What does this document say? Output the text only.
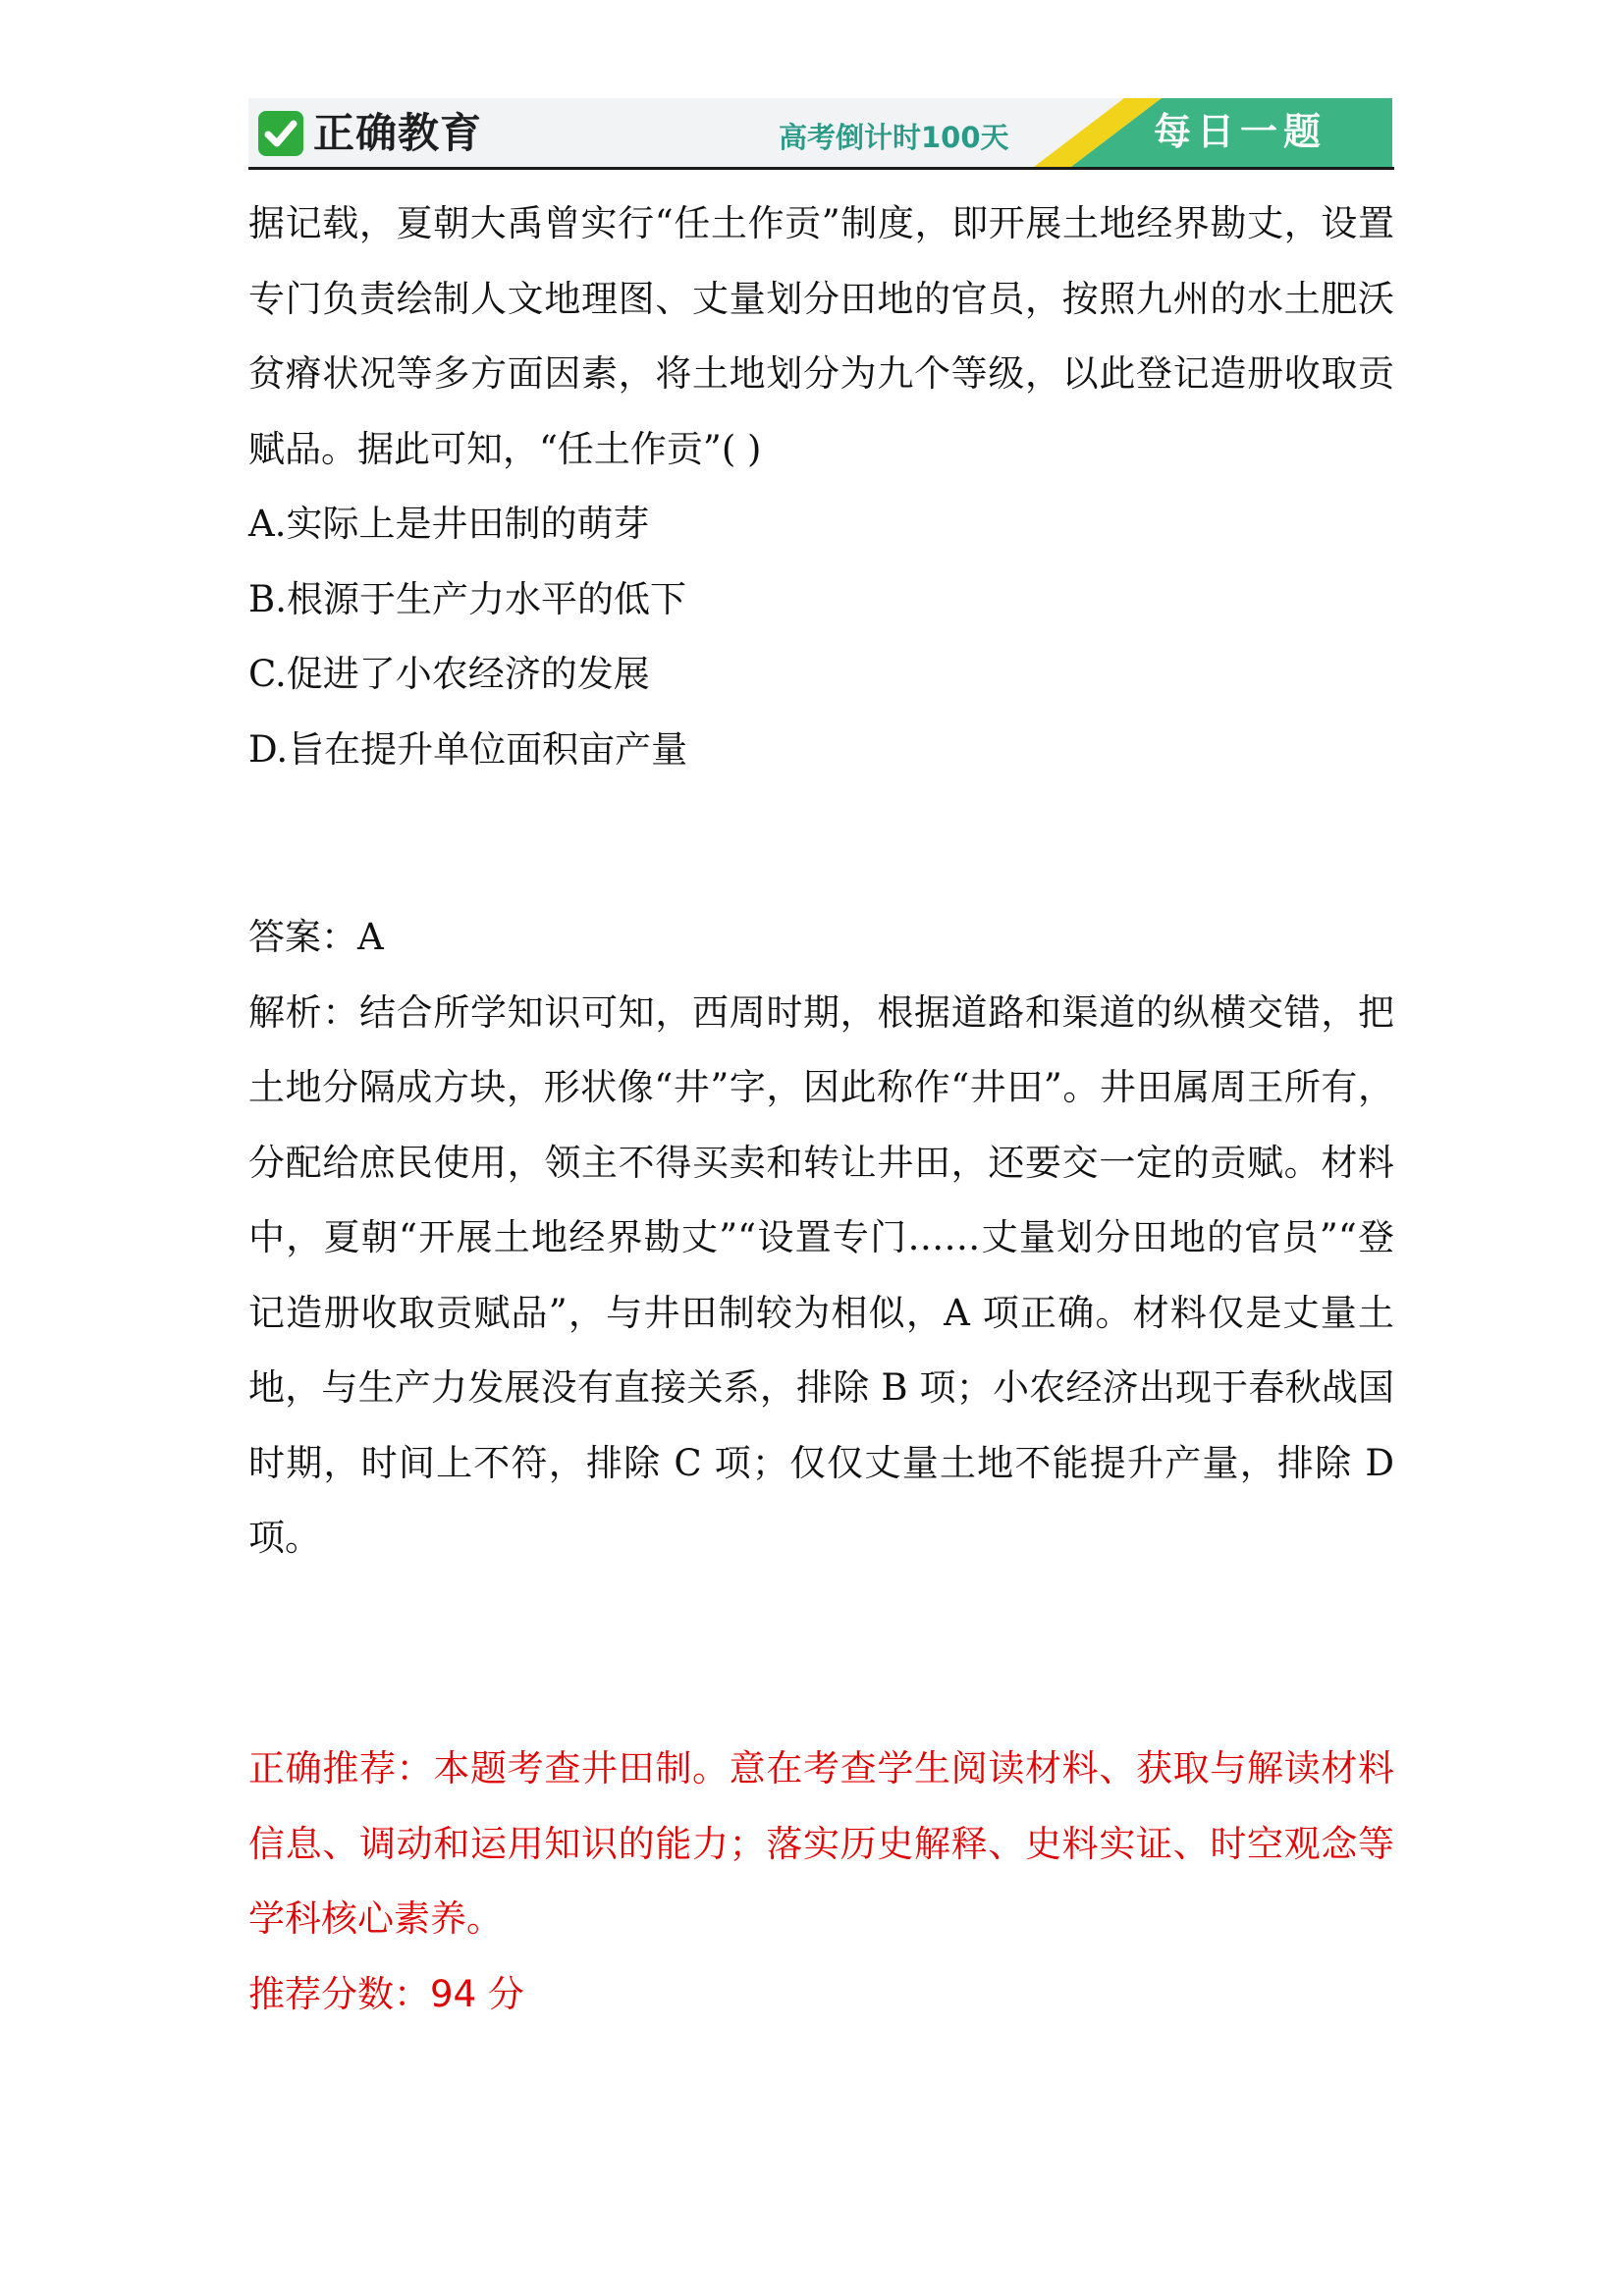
正确教育	高考倒计时100天	每日一题

据记载，夏朝大禹曾实行“任土作贡”制度，即开展土地经界勘丈，设置专门负责绘制人文地理图、丈量划分田地的官员，按照九州的水土肥沃贫瘠状况等多方面因素，将土地划分为九个等级，以此登记造册收取贡赋品。据此可知，“任土作贡”( )

A.实际上是井田制的萌芽

B.根源于生产力水平的低下

C.促进了小农经济的发展

D.旨在提升单位面积亩产量

答案：A

解析：结合所学知识可知，西周时期，根据道路和渠道的纵横交错，把土地分隔成方块，形状像“井”字，因此称作“井田”。井田属周王所有，分配给庶民使用，领主不得买卖和转让井田，还要交一定的贡赋。材料中，夏朝“开展土地经界勘丈”“设置专门……丈量划分田地的官员”“登记造册收取贡赋品”，与井田制较为相似，A 项正确。材料仅是丈量土地，与生产力发展没有直接关系，排除 B 项；小农经济出现于春秋战国时期，时间上不符，排除 C 项；仅仅丈量土地不能提升产量，排除 D 项。

正确推荐：本题考查井田制。意在考查学生阅读材料、获取与解读材料信息、调动和运用知识的能力；落实历史解释、史料实证、时空观念等学科核心素养。

推荐分数：94 分
